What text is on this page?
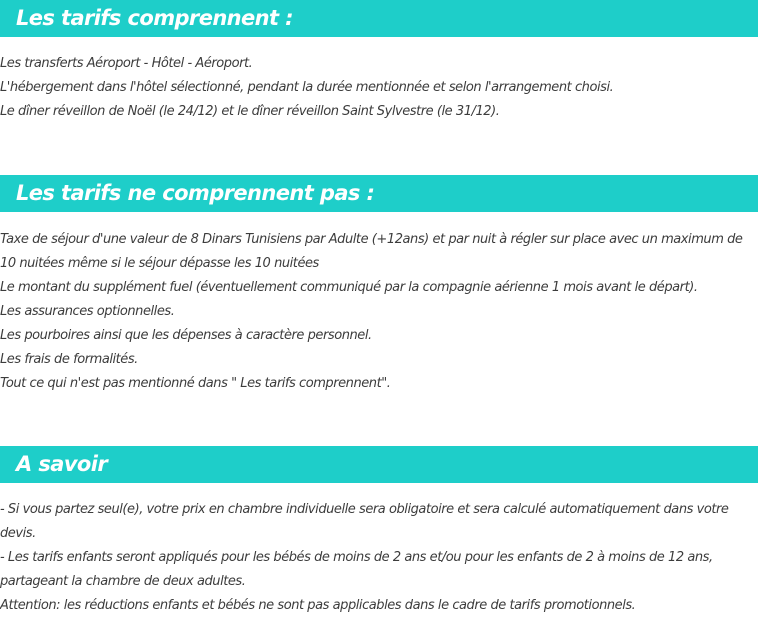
Les tarifs comprennent :

Les transferts Aéroport - Hôtel - Aéroport.

L'hébergement dans l'hôtel sélectionné, pendant la durée mentionnée et selon l'arrangement choisi.

Le dîner réveillon de Noël (le 24/12) et le dîner réveillon Saint Sylvestre (le 31/12).

Les tarifs ne comprennent pas :

Taxe de séjour d'une valeur de 8 Dinars Tunisiens par Adulte (+12ans) et par nuit à régler sur place avec un maximum de 10 nuitées même si le séjour dépasse les 10 nuitées

Le montant du supplément fuel (éventuellement communiqué par la compagnie aérienne 1 mois avant le départ).

Les assurances optionnelles.

Les pourboires ainsi que les dépenses à caractère personnel.

Les frais de formalités.

Tout ce qui n'est pas mentionné dans " Les tarifs comprennent".

A savoir

- Si vous partez seul(e), votre prix en chambre individuelle sera obligatoire et sera calculé automatiquement dans votre devis.

- Les tarifs enfants seront appliqués pour les bébés de moins de 2 ans et/ou pour les enfants de 2 à moins de 12 ans, partageant la chambre de deux adultes.

Attention: les réductions enfants et bébés ne sont pas applicables dans le cadre de tarifs promotionnels.
